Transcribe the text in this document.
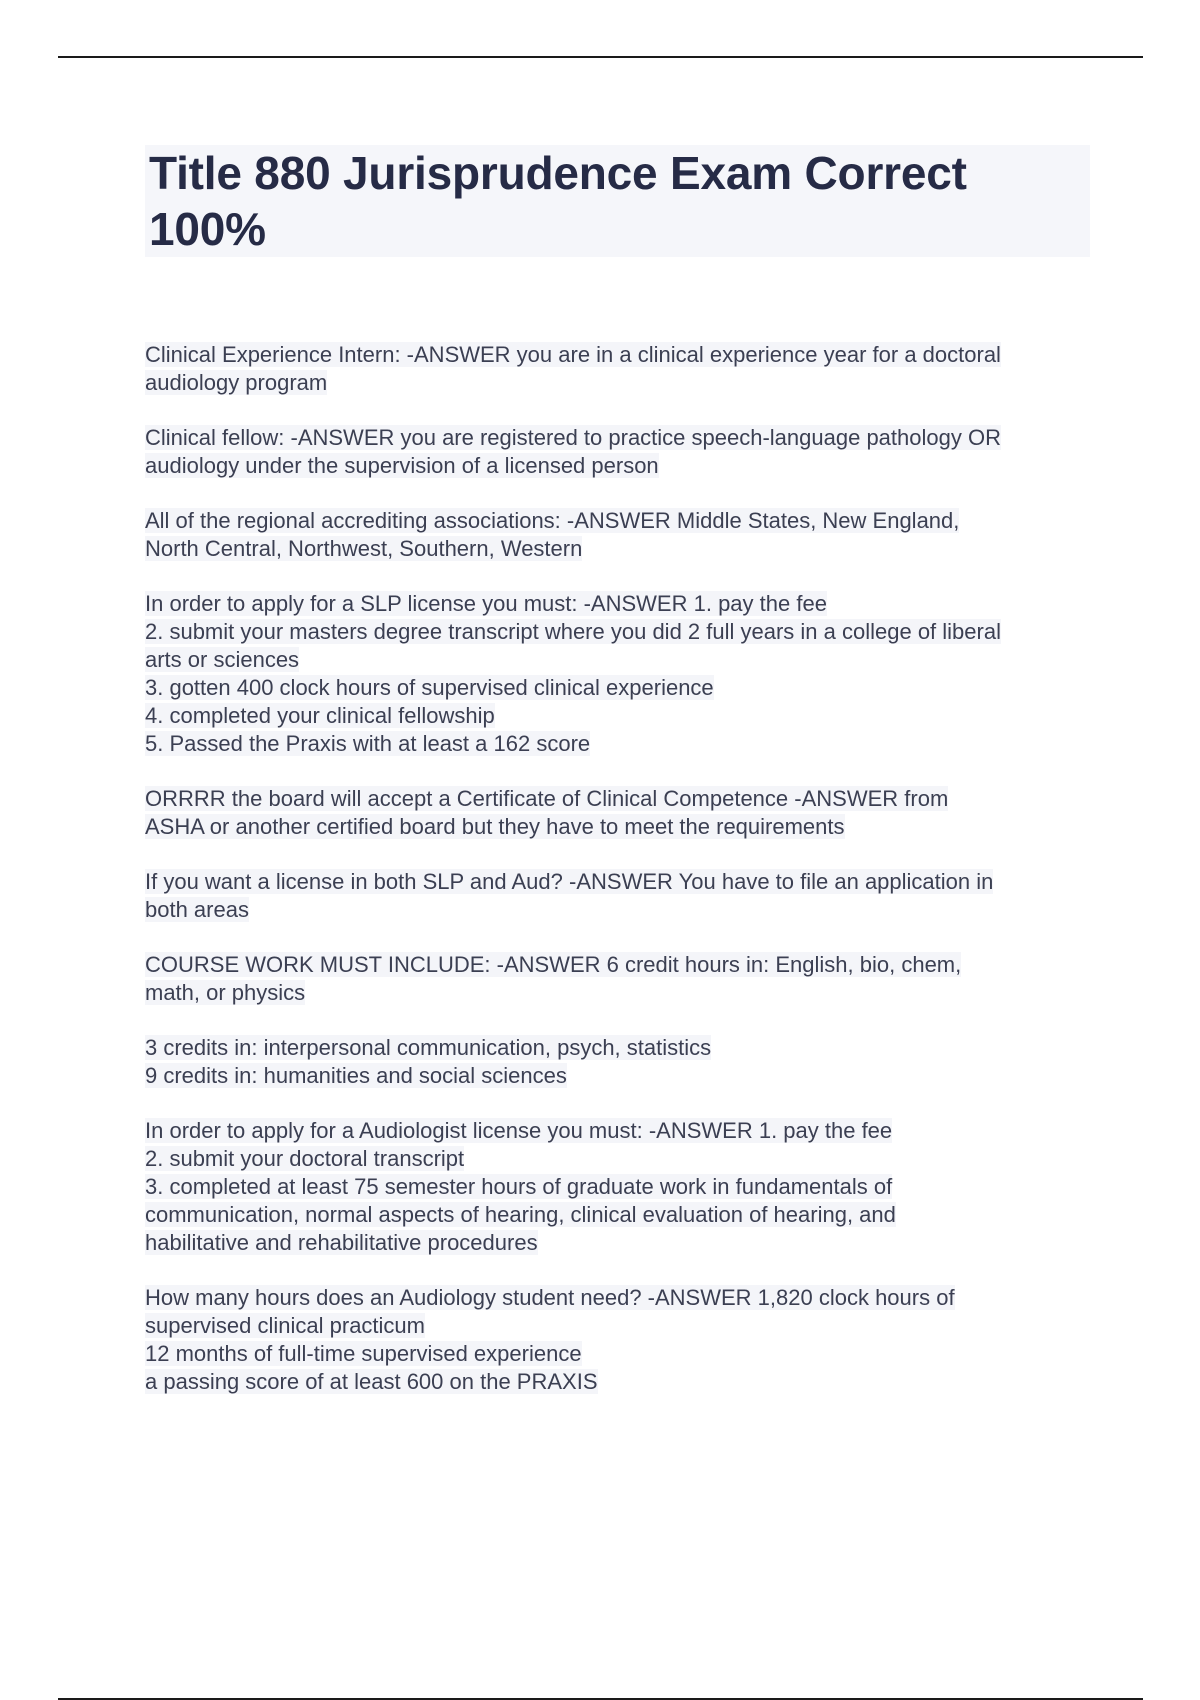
Title 880 Jurisprudence Exam Correct 100%

Clinical Experience Intern: -ANSWER you are in a clinical experience year for a doctoral
audiology program

Clinical fellow: -ANSWER you are registered to practice speech-language pathology OR
audiology under the supervision of a licensed person

All of the regional accrediting associations: -ANSWER Middle States, New England,
North Central, Northwest, Southern, Western

In order to apply for a SLP license you must: -ANSWER 1. pay the fee
2. submit your masters degree transcript where you did 2 full years in a college of liberal
arts or sciences
3. gotten 400 clock hours of supervised clinical experience
4. completed your clinical fellowship
5. Passed the Praxis with at least a 162 score

ORRRR the board will accept a Certificate of Clinical Competence -ANSWER from
ASHA or another certified board but they have to meet the requirements

If you want a license in both SLP and Aud? -ANSWER You have to file an application in
both areas

COURSE WORK MUST INCLUDE: -ANSWER 6 credit hours in: English, bio, chem,
math, or physics

3 credits in: interpersonal communication, psych, statistics
9 credits in: humanities and social sciences

In order to apply for a Audiologist license you must: -ANSWER 1. pay the fee
2. submit your doctoral transcript
3. completed at least 75 semester hours of graduate work in fundamentals of
communication, normal aspects of hearing, clinical evaluation of hearing, and
habilitative and rehabilitative procedures

How many hours does an Audiology student need? -ANSWER 1,820 clock hours of
supervised clinical practicum
12 months of full-time supervised experience
a passing score of at least 600 on the PRAXIS
